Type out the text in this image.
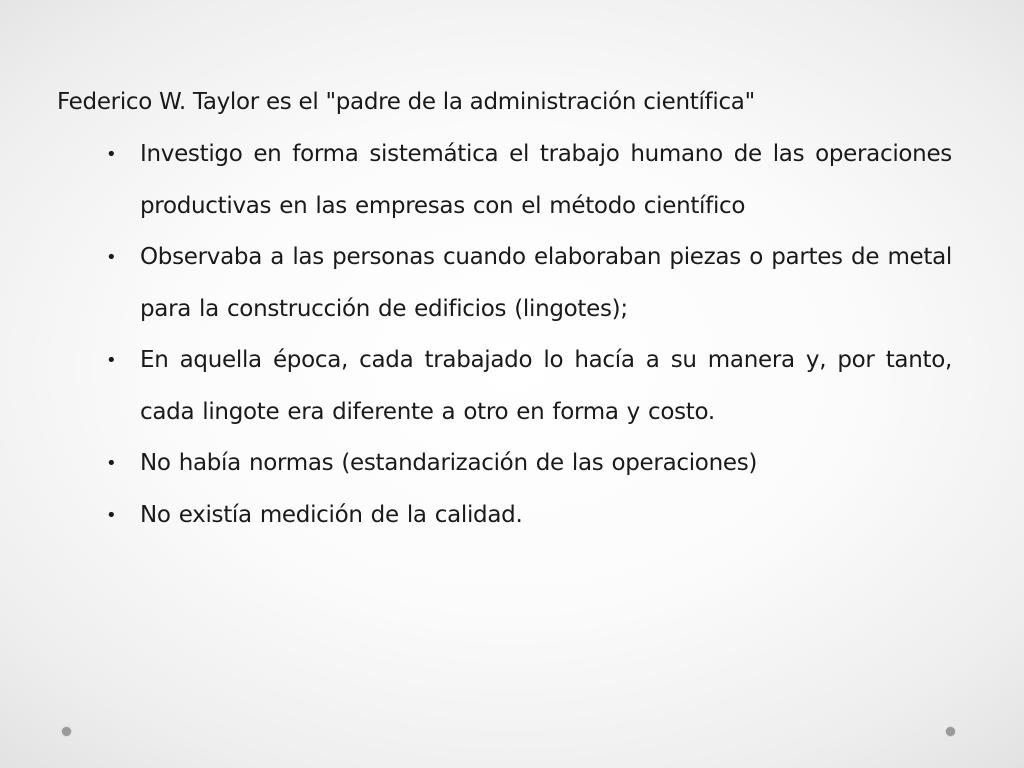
Federico W. Taylor es el "padre de la administración científica"
• Investigo en forma sistemática el trabajo humano de las operaciones productivas en las empresas con el método científico
• Observaba a las personas cuando elaboraban piezas o partes de metal para la construcción de edificios (lingotes);
• En aquella época, cada trabajado lo hacía a su manera y, por tanto, cada lingote era diferente a otro en forma y costo.
• No había normas (estandarización de las operaciones)
• No existía medición de la calidad.
